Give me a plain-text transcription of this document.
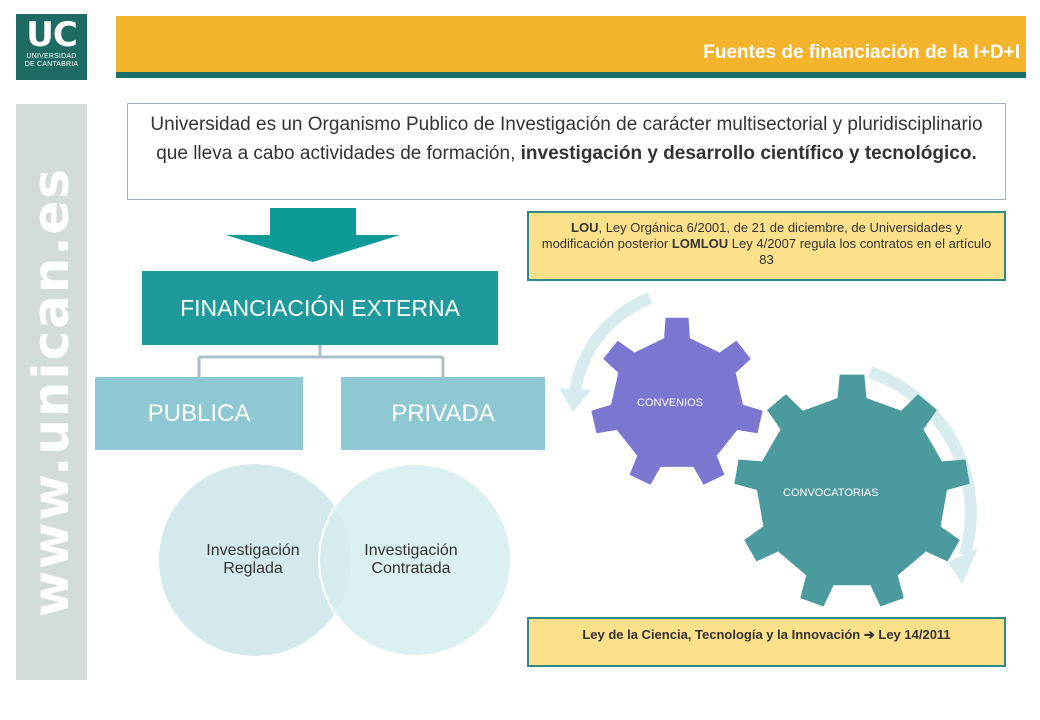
UC
UNIVERSIDAD
DE CANTABRIA
Fuentes de financiación de la I+D+I
www.unican.es
Universidad es un Organismo Publico de Investigación de carácter multisectorial y pluridisciplinario que lleva a cabo actividades de formación, investigación y desarrollo científico y tecnológico.
FINANCIACIÓN EXTERNA
PUBLICA	PRIVADA
Investigación Reglada
Investigación Contratada
CONVENIOS
CONVOCATORIAS
LOU, Ley Orgánica 6/2001, de 21 de diciembre, de Universidades y modificación posterior LOMLOU Ley 4/2007 regula los contratos en el artículo 83
Ley de la Ciencia, Tecnología y la Innovación ➔ Ley 14/2011
